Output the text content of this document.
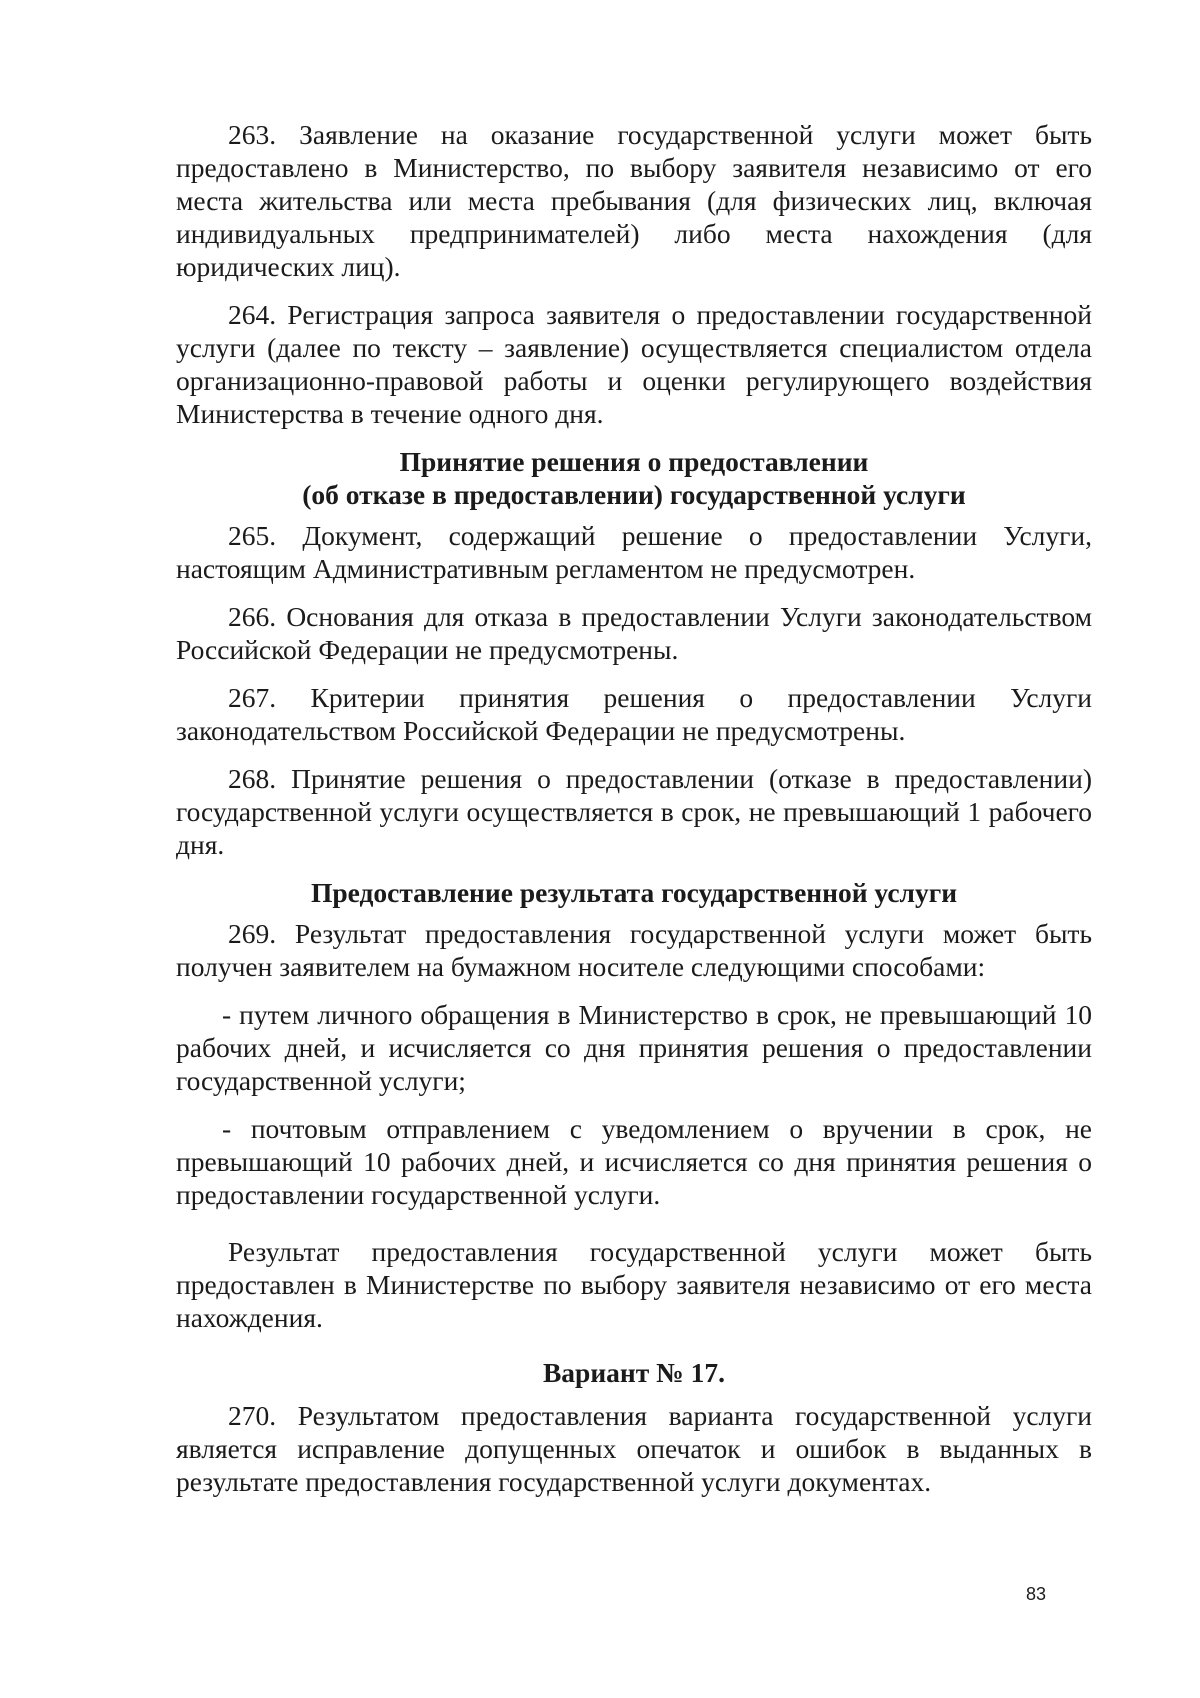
263. Заявление на оказание государственной услуги может быть предоставлено в Министерство, по выбору заявителя независимо от его места жительства или места пребывания (для физических лиц, включая индивидуальных предпринимателей) либо места нахождения (для юридических лиц).

264. Регистрация запроса заявителя о предоставлении государственной услуги (далее по тексту – заявление) осуществляется специалистом отдела организационно-правовой работы и оценки регулирующего воздействия Министерства в течение одного дня.

Принятие решения о предоставлении
(об отказе в предоставлении) государственной услуги

265. Документ, содержащий решение о предоставлении Услуги, настоящим Административным регламентом не предусмотрен.

266. Основания для отказа в предоставлении Услуги законодательством Российской Федерации не предусмотрены.

267. Критерии принятия решения о предоставлении Услуги законодательством Российской Федерации не предусмотрены.

268. Принятие решения о предоставлении (отказе в предоставлении) государственной услуги осуществляется в срок, не превышающий 1 рабочего дня.

Предоставление результата государственной услуги

269. Результат предоставления государственной услуги может быть получен заявителем на бумажном носителе следующими способами:

- путем личного обращения в Министерство в срок, не превышающий 10 рабочих дней, и исчисляется со дня принятия решения о предоставлении государственной услуги;

- почтовым отправлением с уведомлением о вручении в срок, не превышающий 10 рабочих дней, и исчисляется со дня принятия решения о предоставлении государственной услуги.

Результат предоставления государственной услуги может быть предоставлен в Министерстве по выбору заявителя независимо от его места нахождения.

Вариант № 17.

270. Результатом предоставления варианта государственной услуги является исправление допущенных опечаток и ошибок в выданных в результате предоставления государственной услуги документах.

83
